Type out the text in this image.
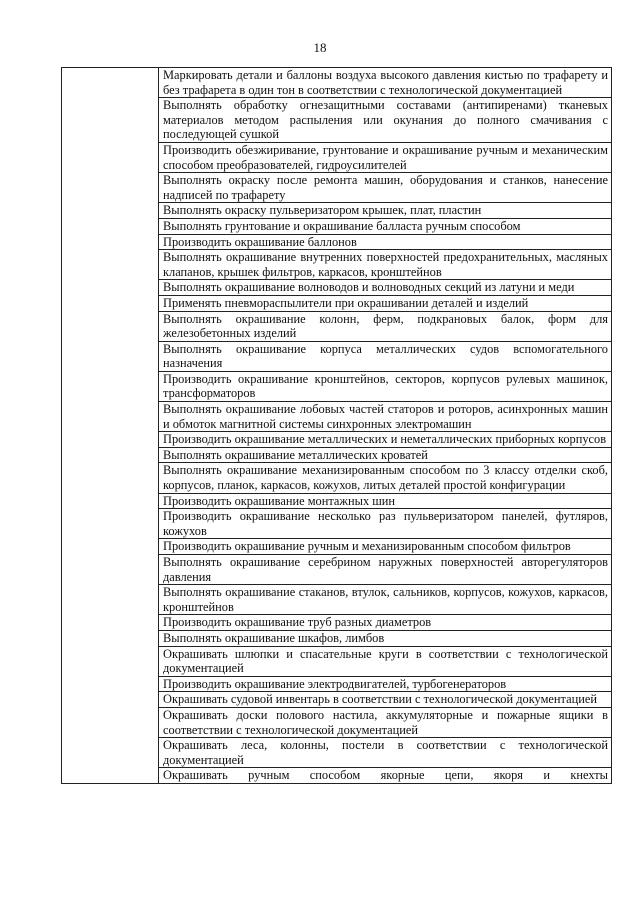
18

Маркировать детали и баллоны воздуха высокого давления кистью по трафарету и без трафарета в один тон в соответствии с технологической документацией

Выполнять обработку огнезащитными составами (антипиренами) тканевых материалов методом распыления или окунания до полного смачивания с последующей сушкой

Производить обезжиривание, грунтование и окрашивание ручным и механическим способом преобразователей, гидроусилителей

Выполнять окраску после ремонта машин, оборудования и станков, нанесение надписей по трафарету

Выполнять окраску пульверизатором крышек, плат, пластин

Выполнять грунтование и окрашивание балласта ручным способом

Производить окрашивание баллонов

Выполнять окрашивание внутренних поверхностей предохранительных, масляных клапанов, крышек фильтров, каркасов, кронштейнов

Выполнять окрашивание волноводов и волноводных секций из латуни и меди

Применять пневмораспылители при окрашивании деталей и изделий

Выполнять окрашивание колонн, ферм, подкрановых балок, форм для железобетонных изделий

Выполнять окрашивание корпуса металлических судов вспомогательного назначения

Производить окрашивание кронштейнов, секторов, корпусов рулевых машинок, трансформаторов

Выполнять окрашивание лобовых частей статоров и роторов, асинхронных машин и обмоток магнитной системы синхронных электромашин

Производить окрашивание металлических и неметаллических приборных корпусов

Выполнять окрашивание металлических кроватей

Выполнять окрашивание механизированным способом по 3 классу отделки скоб, корпусов, планок, каркасов, кожухов, литых деталей простой конфигурации

Производить окрашивание монтажных шин

Производить окрашивание несколько раз пульверизатором панелей, футляров, кожухов

Производить окрашивание ручным и механизированным способом фильтров

Выполнять окрашивание серебрином наружных поверхностей авторегуляторов давления

Выполнять окрашивание стаканов, втулок, сальников, корпусов, кожухов, каркасов, кронштейнов

Производить окрашивание труб разных диаметров

Выполнять окрашивание шкафов, лимбов

Окрашивать шлюпки и спасательные круги в соответствии с технологической документацией

Производить окрашивание электродвигателей, турбогенераторов

Окрашивать судовой инвентарь в соответствии с технологической документацией

Окрашивать доски полового настила, аккумуляторные и пожарные ящики в соответствии с технологической документацией

Окрашивать леса, колонны, постели в соответствии с технологической документацией

Окрашивать ручным способом якорные цепи, якоря и кнехты
